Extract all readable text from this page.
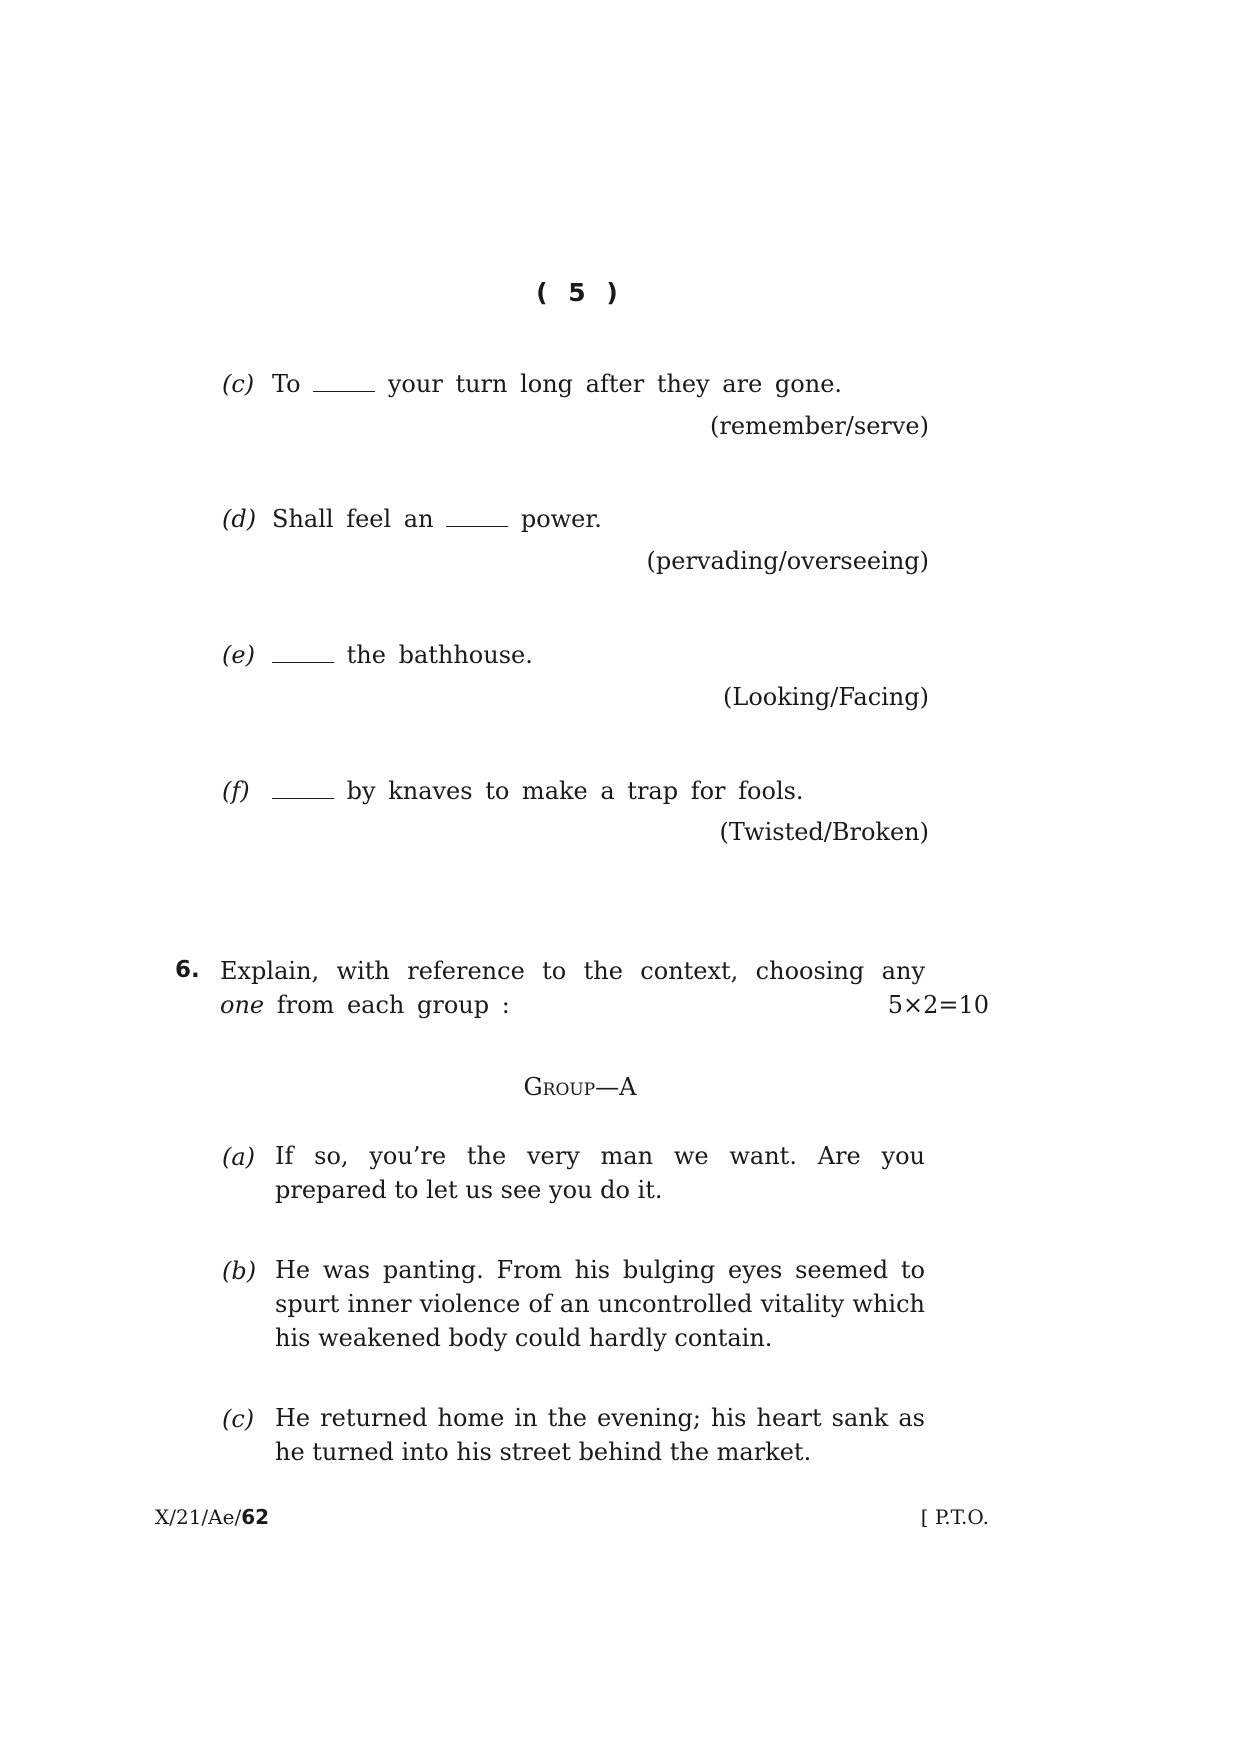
( 5 )
(c) To	your turn long after they are gone.
(remember/serve)
(d) Shall feel an	power.
(pervading/overseeing)
(e)	the bathhouse.
(Looking/Facing)
(f)	by knaves to make a trap for fools.
(Twisted/Broken)
6. Explain, with reference to the context, choosing any
one from each group :	5×2=10
Group—A
(a) If so, you’re the very man we want. Are you prepared to let us see you do it.
(b) He was panting. From his bulging eyes seemed to spurt inner violence of an uncontrolled vitality which his weakened body could hardly contain.
(c) He returned home in the evening; his heart sank as he turned into his street behind the market.
X/21/Ae/62	[ P.T.O.
